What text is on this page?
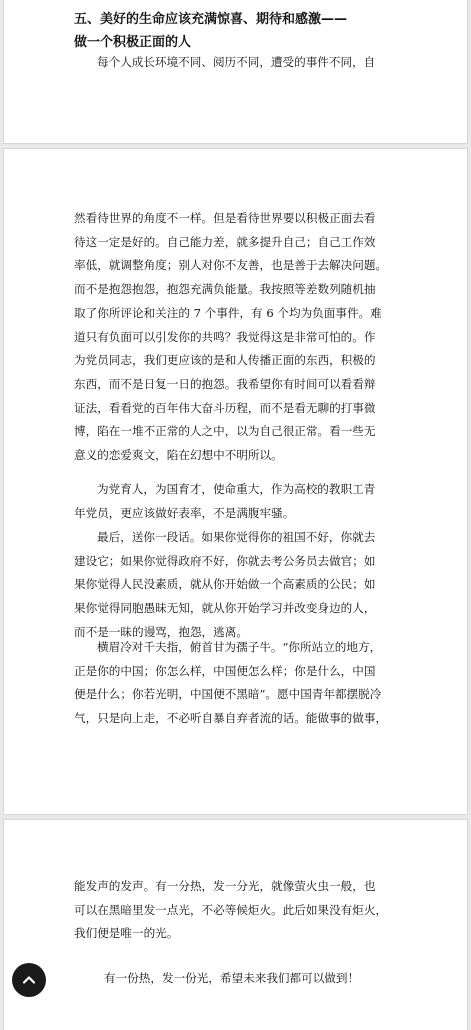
五、美好的生命应该充满惊喜、期待和感激——
做一个积极正面的人

每个人成长环境不同、阅历不同，遭受的事件不同，自

然看待世界的角度不一样。但是看待世界要以积极正面去看
待这一定是好的。自己能力差，就多提升自己；自己工作效
率低，就调整角度；别人对你不友善，也是善于去解决问题。
而不是抱怨抱怨，抱怨充满负能量。我按照等差数列随机抽
取了你所评论和关注的 7 个事件，有 6 个均为负面事件。难
道只有负面可以引发你的共鸣？我觉得这是非常可怕的。作
为党员同志，我们更应该的是和人传播正面的东西，积极的
东西，而不是日复一日的抱怨。我希望你有时间可以看看辩
证法，看看党的百年伟大奋斗历程，而不是看无聊的打事微
博，陷在一堆不正常的人之中，以为自己很正常。看一些无
意义的恋爱爽文，陷在幻想中不明所以。

为党育人，为国育才，使命重大，作为高校的教职工青
年党员，更应该做好表率，不是满腹牢骚。

最后，送你一段话。如果你觉得你的祖国不好，你就去
建设它；如果你觉得政府不好，你就去考公务员去做官；如
果你觉得人民没素质，就从你开始做一个高素质的公民；如
果你觉得同胞愚昧无知，就从你开始学习并改变身边的人，
而不是一昧的谩骂，抱怨，逃离。

横眉冷对千夫指，俯首甘为孺子牛。“你所站立的地方，
正是你的中国；你怎么样，中国便怎么样；你是什么，中国
便是什么；你若光明，中国便不黑暗”。愿中国青年都摆脱冷
气，只是向上走，不必听自暴自弃者流的话。能做事的做事，

能发声的发声。有一分热，发一分光，就像萤火虫一般，也
可以在黑暗里发一点光，不必等候炬火。此后如果没有炬火，
我们便是唯一的光。

有一份热，发一份光，希望未来我们都可以做到！
